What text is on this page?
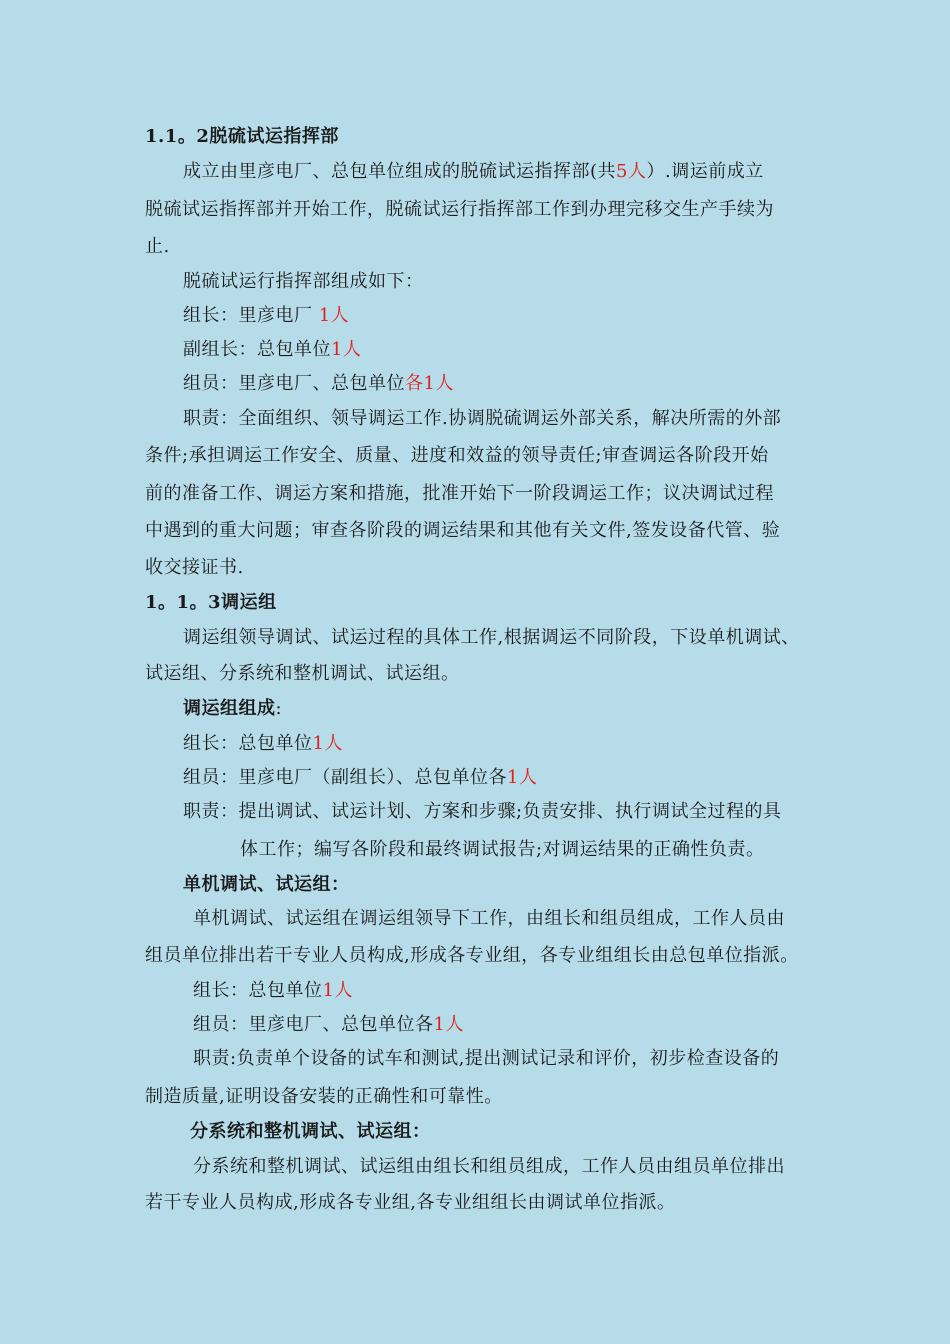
1.1。2脱硫试运指挥部
成立由里彦电厂、总包单位组成的脱硫试运指挥部(共5人）.调运前成立
脱硫试运指挥部并开始工作，脱硫试运行指挥部工作到办理完移交生产手续为
止.
脱硫试运行指挥部组成如下：
组长：里彦电厂 1人
副组长：总包单位1人
组员：里彦电厂、总包单位各1人
职责：全面组织、领导调运工作.协调脱硫调运外部关系，解决所需的外部
条件;承担调运工作安全、质量、进度和效益的领导责任;审查调运各阶段开始
前的准备工作、调运方案和措施，批准开始下一阶段调运工作；议决调试过程
中遇到的重大问题；审查各阶段的调运结果和其他有关文件,签发设备代管、验
收交接证书.
1。1。3调运组
调运组领导调试、试运过程的具体工作,根据调运不同阶段，下设单机调试、
试运组、分系统和整机调试、试运组。
调运组组成:
组长：总包单位1人
组员：里彦电厂（副组长）、总包单位各1人
职责：提出调试、试运计划、方案和步骤;负责安排、执行调试全过程的具
体工作；编写各阶段和最终调试报告;对调运结果的正确性负责。
单机调试、试运组：
单机调试、试运组在调运组领导下工作，由组长和组员组成，工作人员由
组员单位排出若干专业人员构成,形成各专业组，各专业组组长由总包单位指派。
组长：总包单位1人
组员：里彦电厂、总包单位各1人
职责:负责单个设备的试车和测试,提出测试记录和评价，初步检查设备的
制造质量,证明设备安装的正确性和可靠性。
分系统和整机调试、试运组：
分系统和整机调试、试运组由组长和组员组成，工作人员由组员单位排出
若干专业人员构成,形成各专业组,各专业组组长由调试单位指派。
